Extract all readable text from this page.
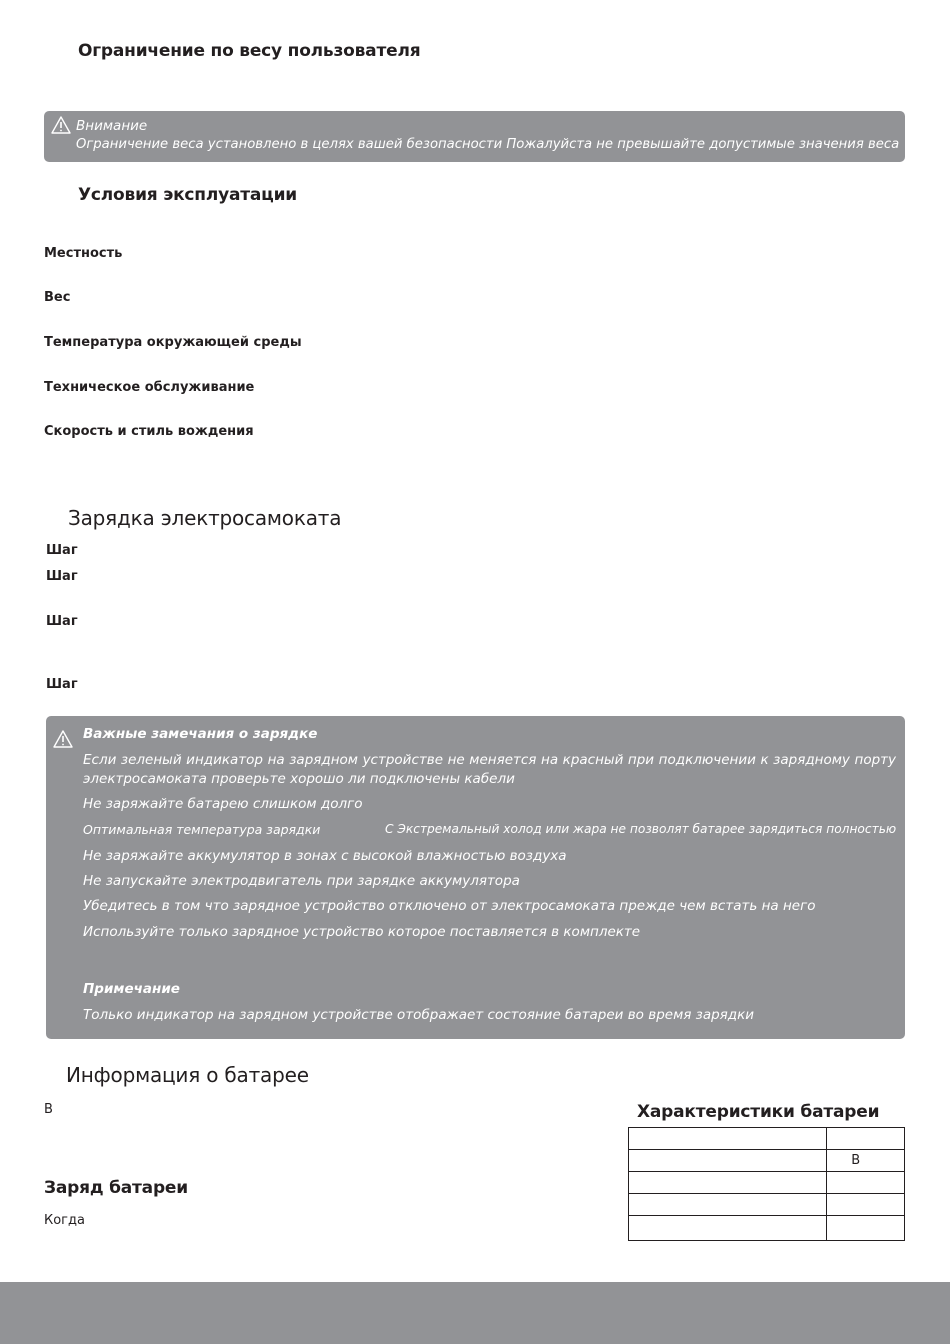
Ограничение по весу пользователя
Внимание
Ограничение веса установлено в целях вашей безопасности Пожалуйста не превышайте допустимые значения веса
Условия эксплуатации
Местность
Вес
Температура окружающей среды
Техническое обслуживание
Скорость и стиль вождения
Зарядка электросамоката
Шаг
Шаг
Шаг
Шаг
Важные замечания о зарядке
Если зеленый индикатор на зарядном устройстве не меняется на красный при подключении к зарядному порту электросамоката проверьте хорошо ли подключены кабели
Не заряжайте батарею слишком долго
Оптимальная температура зарядки	С Экстремальный холод или жара не позволят батарее зарядиться полностью
Не заряжайте аккумулятор в зонах с высокой влажностью воздуха
Не запускайте электродвигатель при зарядке аккумулятора
Убедитесь в том что зарядное устройство отключено от электросамоката прежде чем встать на него
Используйте только зарядное устройство которое поставляется в комплекте
Примечание
Только индикатор на зарядном устройстве отображает состояние батареи во время зарядки
Информация о батарее
В
Заряд батареи
Когда
Характеристики батареи

	В
